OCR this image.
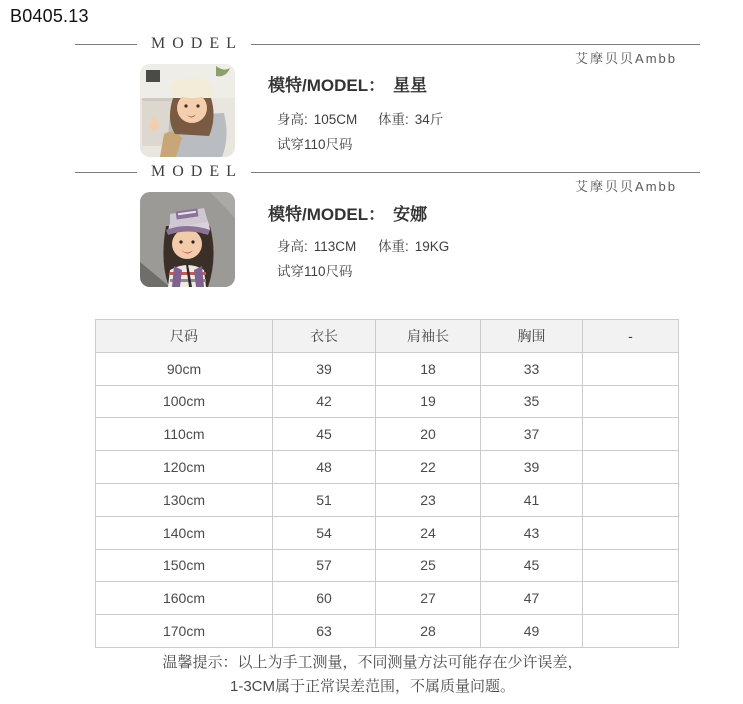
B0405.13
MODEL
艾摩贝贝Ambb
模特/MODEL： 星星
身高: 105CM 体重: 34斤
试穿110尺码
MODEL
艾摩贝贝Ambb
模特/MODEL： 安娜
身高: 113CM 体重: 19KG
试穿110尺码
尺码	衣长	肩袖长	胸围	-
90cm	39	18	33	
100cm	42	19	35	
110cm	45	20	37	
120cm	48	22	39	
130cm	51	23	41	
140cm	54	24	43	
150cm	57	25	45	
160cm	60	27	47	
170cm	63	28	49	
温馨提示：以上为手工测量，不同测量方法可能存在少许误差，
1-3CM属于正常误差范围，不属质量问题。
